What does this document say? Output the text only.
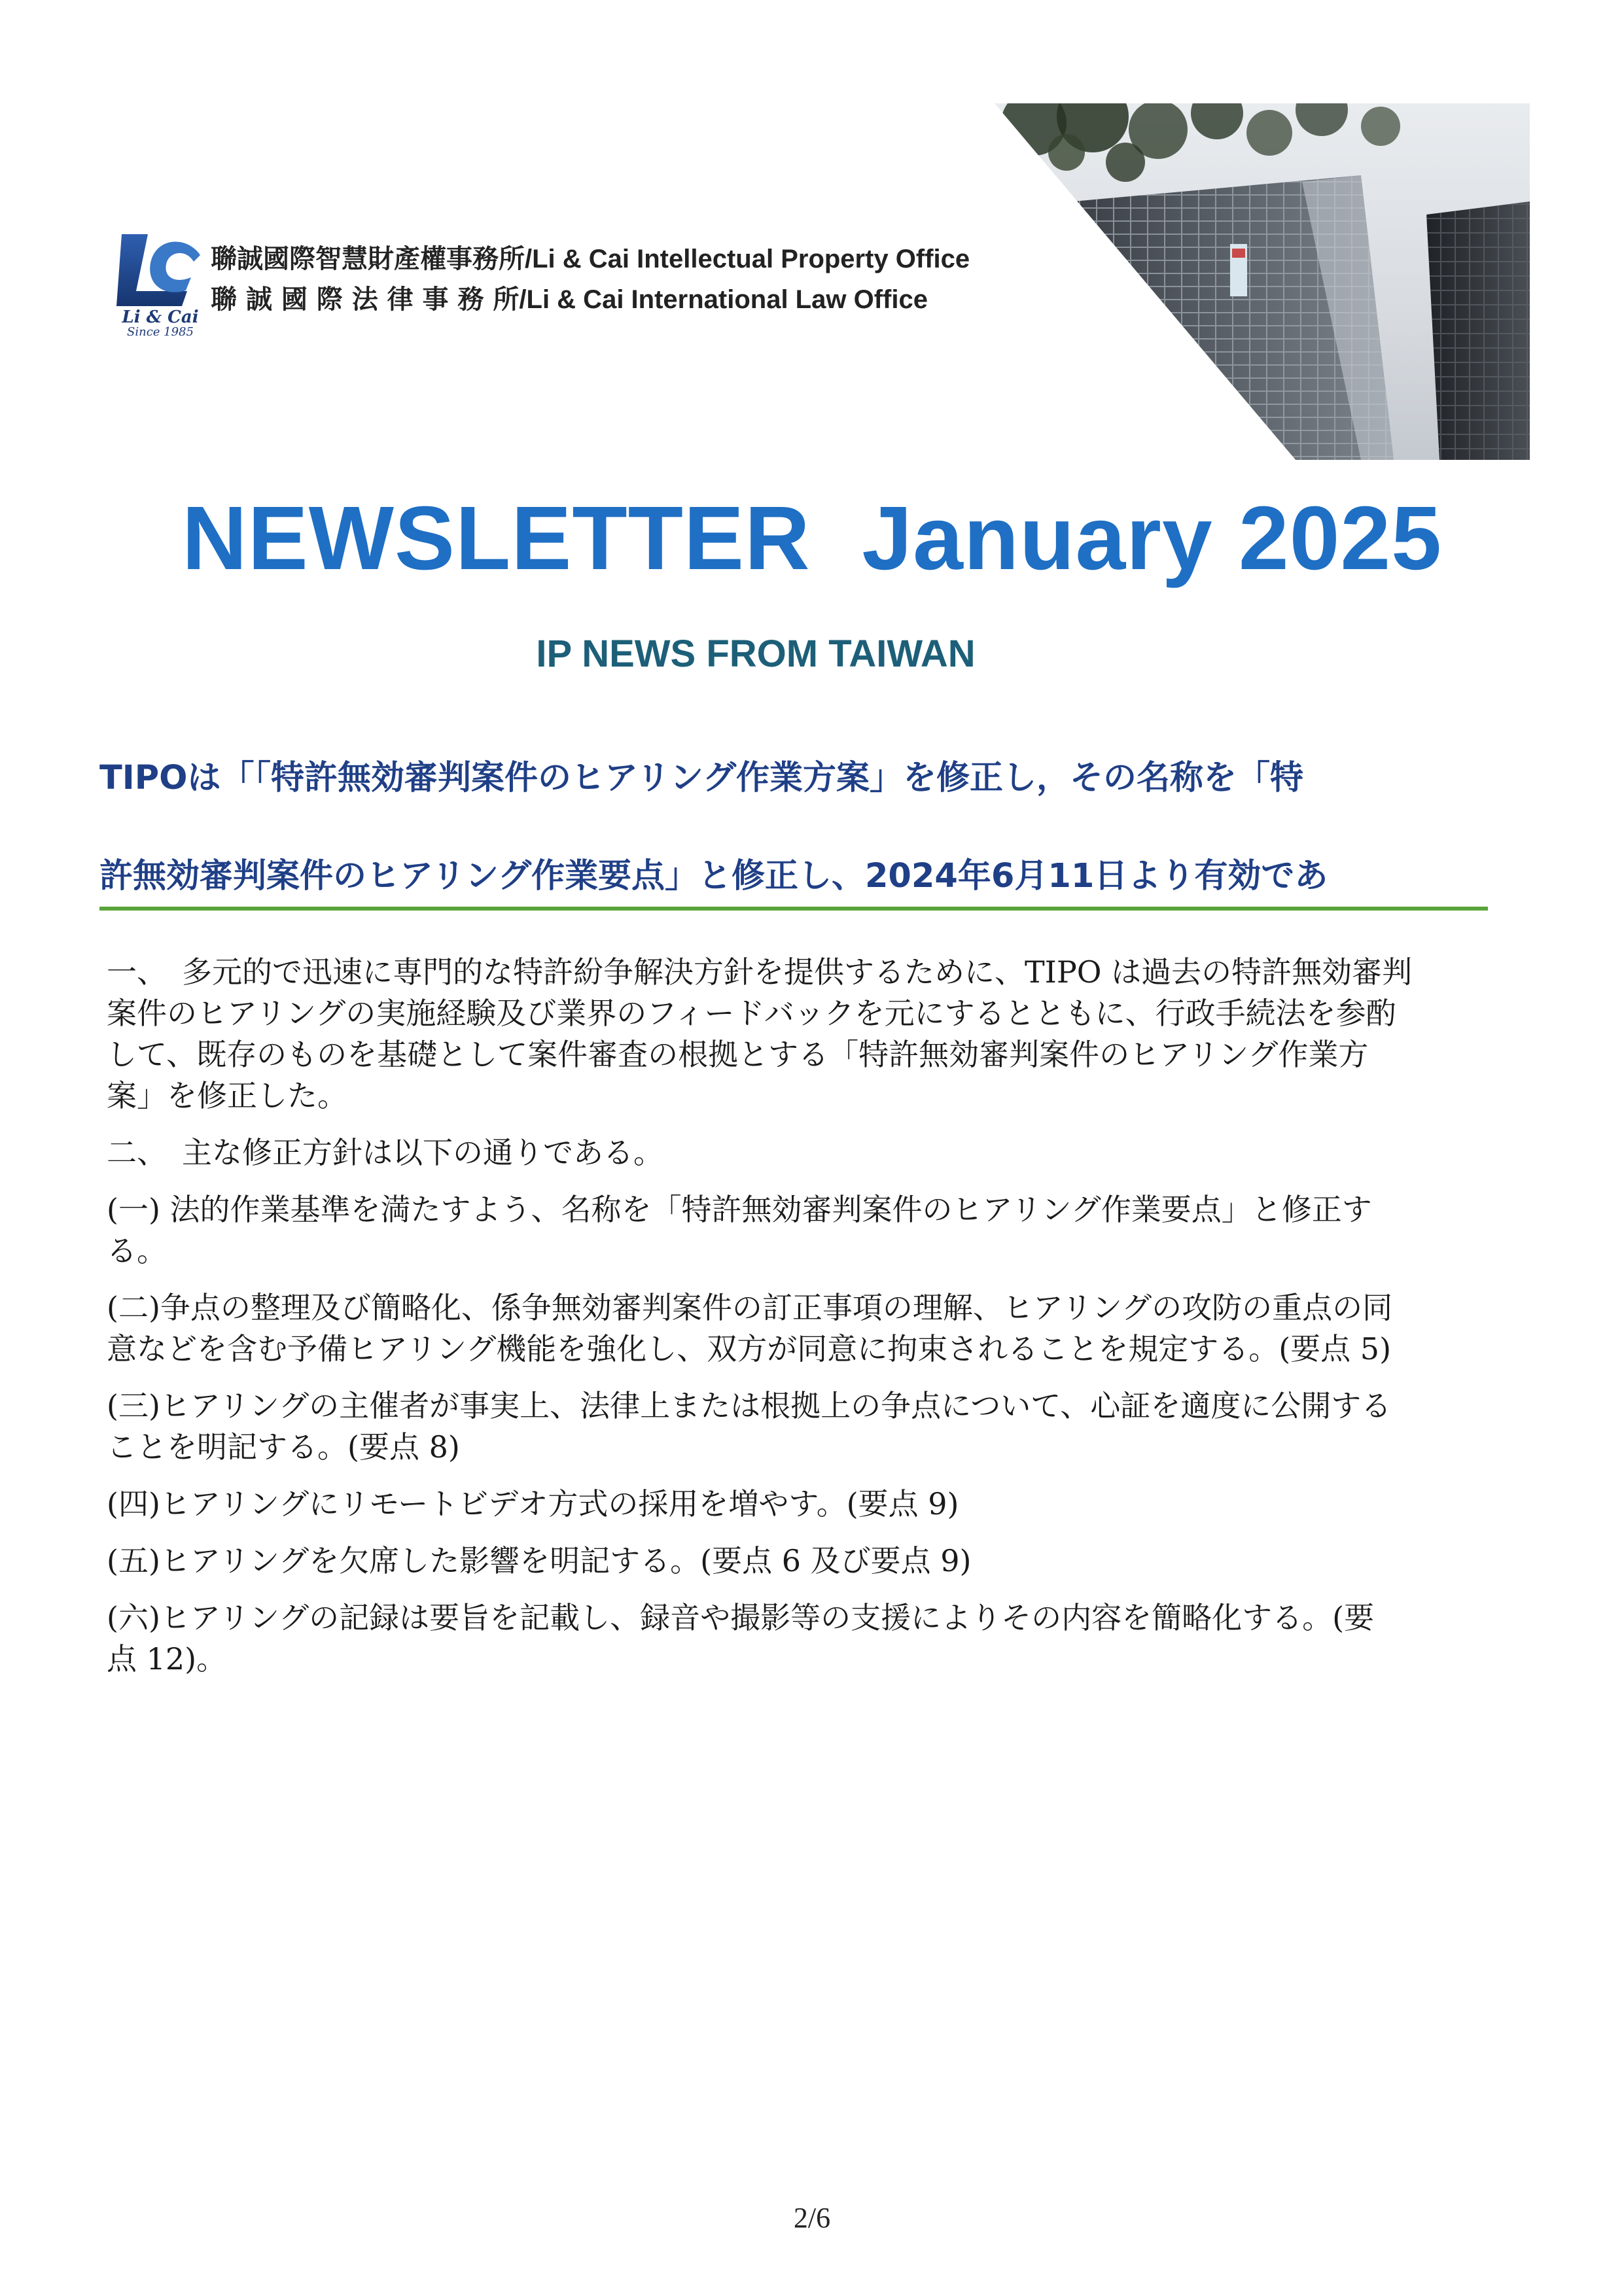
Li & Cai
Since 1985
聯誠國際智慧財產權事務所/Li & Cai Intellectual Property Office
聯 誠 國 際 法 律 事 務 所/Li & Cai International Law Office
NEWSLETTER  January 2025
IP NEWS FROM TAIWAN
TIPOは「「特許無効審判案件のヒアリング作業方案」を修正し，その名称を「特
許無効審判案件のヒアリング作業要点」と修正し、2024年6月11日より有効であ

一、　多元的で迅速に専門的な特許紛争解決方針を提供するために、TIPO は過去の特許無効審判
案件のヒアリングの実施経験及び業界のフィードバックを元にするとともに、行政手続法を参酌
して、既存のものを基礎として案件審査の根拠とする「特許無効審判案件のヒアリング作業方
案」を修正した。

二、　主な修正方針は以下の通りである。

(一) 法的作業基準を満たすよう、名称を「特許無効審判案件のヒアリング作業要点」と修正す
る。

(二)争点の整理及び簡略化、係争無効審判案件の訂正事項の理解、ヒアリングの攻防の重点の同
意などを含む予備ヒアリング機能を強化し、双方が同意に拘束されることを規定する。(要点 5)

(三)ヒアリングの主催者が事実上、法律上または根拠上の争点について、心証を適度に公開する
ことを明記する。(要点 8)

(四)ヒアリングにリモートビデオ方式の採用を増やす。(要点 9)

(五)ヒアリングを欠席した影響を明記する。(要点 6 及び要点 9)

(六)ヒアリングの記録は要旨を記載し、録音や撮影等の支援によりその内容を簡略化する。(要
点 12)。

2/6
